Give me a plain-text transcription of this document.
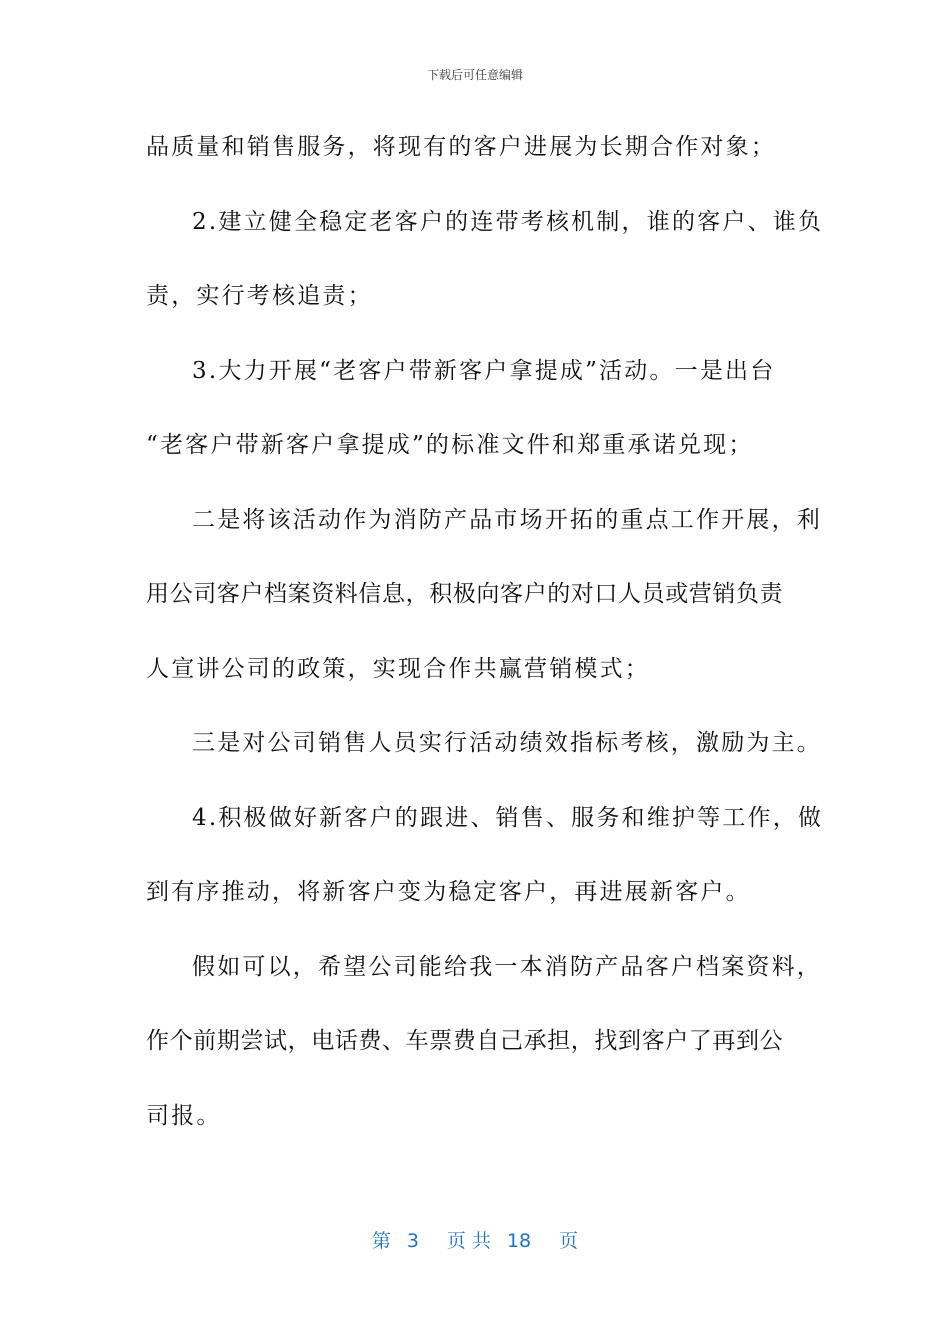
下载后可任意编辑
品质量和销售服务，将现有的客户进展为长期合作对象；
2.建立健全稳定老客户的连带考核机制，谁的客户、谁负
责，实行考核追责；
3.大力开展“老客户带新客户拿提成”活动。一是出台
“老客户带新客户拿提成”的标准文件和郑重承诺兑现；
二是将该活动作为消防产品市场开拓的重点工作开展，利
用公司客户档案资料信息，积极向客户的对口人员或营销负责
人宣讲公司的政策，实现合作共赢营销模式；
三是对公司销售人员实行活动绩效指标考核，激励为主。
4.积极做好新客户的跟进、销售、服务和维护等工作，做
到有序推动，将新客户变为稳定客户，再进展新客户。
假如可以，希望公司能给我一本消防产品客户档案资料，
作个前期尝试，电话费、车票费自己承担，找到客户了再到公
司报。
第 3 页 共 18 页
